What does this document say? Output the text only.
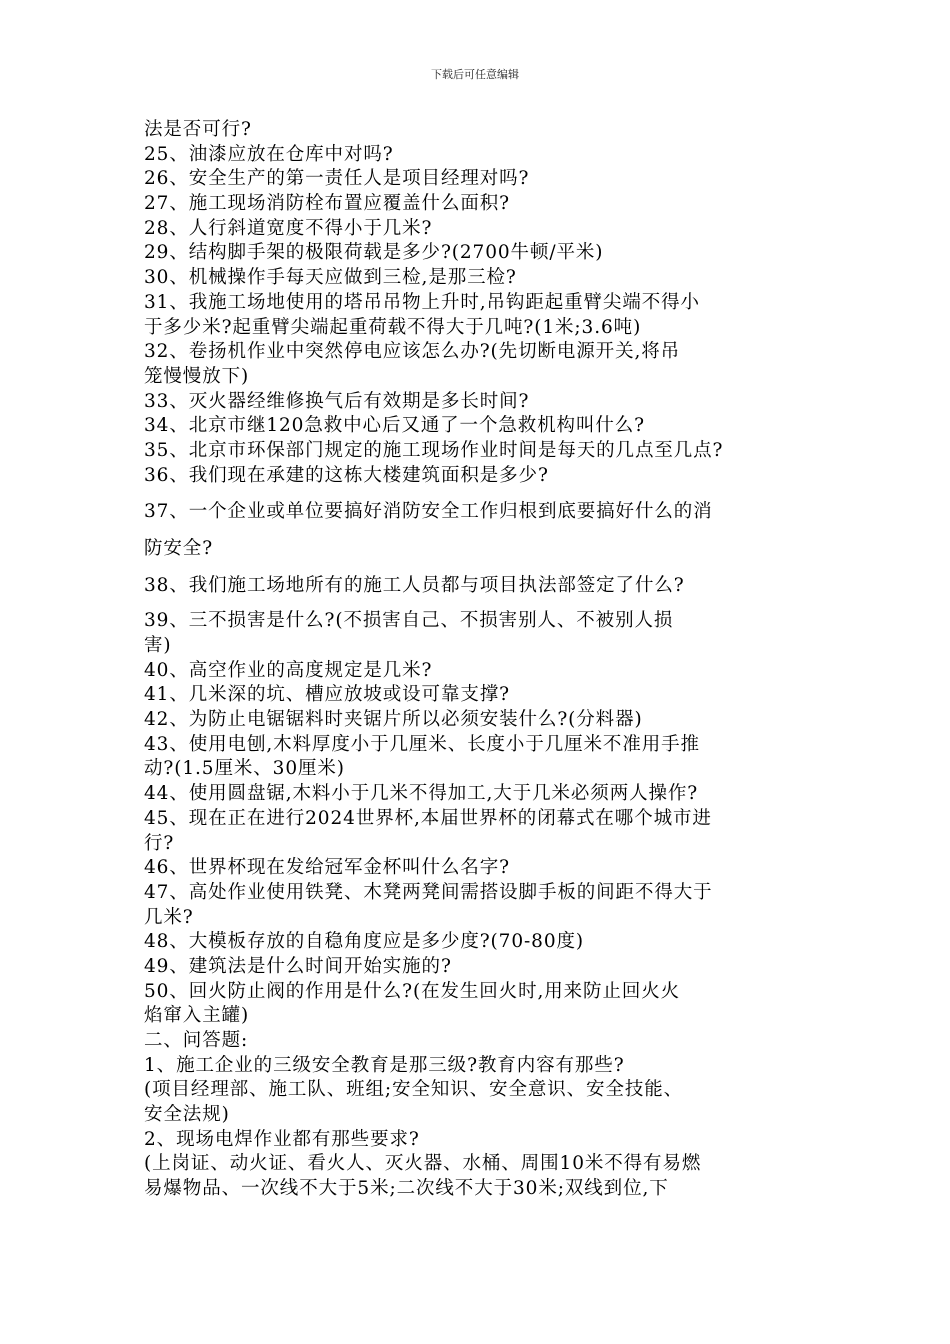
下载后可任意编辑
法是否可行?
25、油漆应放在仓库中对吗?
26、安全生产的第一责任人是项目经理对吗?
27、施工现场消防栓布置应覆盖什么面积?
28、人行斜道宽度不得小于几米?
29、结构脚手架的极限荷载是多少?(2700牛顿/平米)
30、机械操作手每天应做到三检,是那三检?
31、我施工场地使用的塔吊吊物上升时,吊钩距起重臂尖端不得小
于多少米?起重臂尖端起重荷载不得大于几吨?(1米;3.6吨)
32、卷扬机作业中突然停电应该怎么办?(先切断电源开关,将吊
笼慢慢放下)
33、灭火器经维修换气后有效期是多长时间?
34、北京市继120急救中心后又通了一个急救机构叫什么?
35、北京市环保部门规定的施工现场作业时间是每天的几点至几点?
36、我们现在承建的这栋大楼建筑面积是多少?
37、一个企业或单位要搞好消防安全工作归根到底要搞好什么的消
防安全?
38、我们施工场地所有的施工人员都与项目执法部签定了什么?
39、三不损害是什么?(不损害自己、不损害别人、不被别人损
害)
40、高空作业的高度规定是几米?
41、几米深的坑、槽应放坡或设可靠支撑?
42、为防止电锯锯料时夹锯片所以必须安装什么?(分料器)
43、使用电刨,木料厚度小于几厘米、长度小于几厘米不准用手推
动?(1.5厘米、30厘米)
44、使用圆盘锯,木料小于几米不得加工,大于几米必须两人操作?
45、现在正在进行2024世界杯,本届世界杯的闭幕式在哪个城市进
行?
46、世界杯现在发给冠军金杯叫什么名字?
47、高处作业使用铁凳、木凳两凳间需搭设脚手板的间距不得大于
几米?
48、大模板存放的自稳角度应是多少度?(70-80度)
49、建筑法是什么时间开始实施的?
50、回火防止阀的作用是什么?(在发生回火时,用来防止回火火
焰窜入主罐)
二、问答题:
1、施工企业的三级安全教育是那三级?教育内容有那些?
(项目经理部、施工队、班组;安全知识、安全意识、安全技能、
安全法规)
2、现场电焊作业都有那些要求?
(上岗证、动火证、看火人、灭火器、水桶、周围10米不得有易燃
易爆物品、一次线不大于5米;二次线不大于30米;双线到位,下
